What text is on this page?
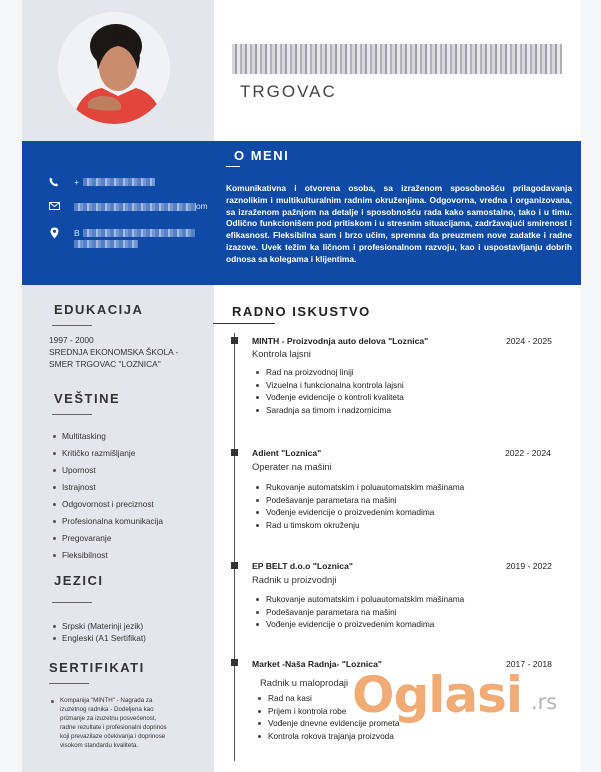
TRGOVAC
+
om
B
O MENI
Komunikativna i otvorena osoba, sa izraženom sposobnošću prilagodavanja raznolikim i multikulturalnim radnim okruženjima. Odgovorna, vredna i organizovana, sa izraženom pažnjom na detalje i sposobnošću rada kako samostalno, tako i u timu. Odlično funkcionišem pod pritiskom i u stresnim situacijama, zadržavajući smirenost i efikasnost. Fleksibilna sam i brzo učim, spremna da preuzmem nove zadatke i radne izazove. Uvek težim ka ličnom i profesionalnom razvoju, kao i uspostavljanju dobrih odnosa sa kolegama i klijentima.
EDUKACIJA
1997 - 2000
SREDNJA EKONOMSKA ŠKOLA -
SMER TRGOVAC "LOZNICA"
VEŠTINE
Multitasking
Kritičko razmišljanje
Upornost
Istrajnost
Odgovornost i preciznost
Profesionalna komunikacija
Pregovaranje
Fleksibilnost
JEZICI
Srpski (Materinji jezik)
Engleski (A1 Sertifikat)
SERTIFIKATI
Kompanija "MINTH" - Nagrada za
izuzetnog radnika - Dodeljena kao
priznanje za izuzetnu posvećenost,
radne rezultate i profesionalni doprinos
koji prevazilaze očekivanja i doprinose
visokom standardu kvaliteta.
RADNO ISKUSTVO
MINTH - Proizvodnja auto delova "Loznica"	2024 - 2025
Kontrola lajsni
Rad na proizvodnoj liniji
Vizuelna i funkcionalna kontrola lajsni
Vođenje evidencije o kontroli kvaliteta
Saradnja sa timom i nadzornicima
Adient "Loznica"	2022 - 2024
Operater na mašini
Rukovanje automatskim i poluautomatskim mašinama
Podešavanje parametara na mašini
Vođenje evidencije o proizvedenim komadima
Rad u timskom okruženju
EP BELT d.o.o "Loznica"	2019 - 2022
Radnik u proizvodnji
Rukovanje automatskim i poluautomatskim mašinama
Podešavanje parametara na mašini
Vođenje evidencije o proizvedenim komadima
Market -Naša Radnja- "Loznica"	2017 - 2018
Radnik u maloprodaji
Rad na kasi
Prijem i kontrola robe
Vođenje dnevne evidencije prometa
Kontrola rokova trajanja proizvoda
Oglasi .rs
